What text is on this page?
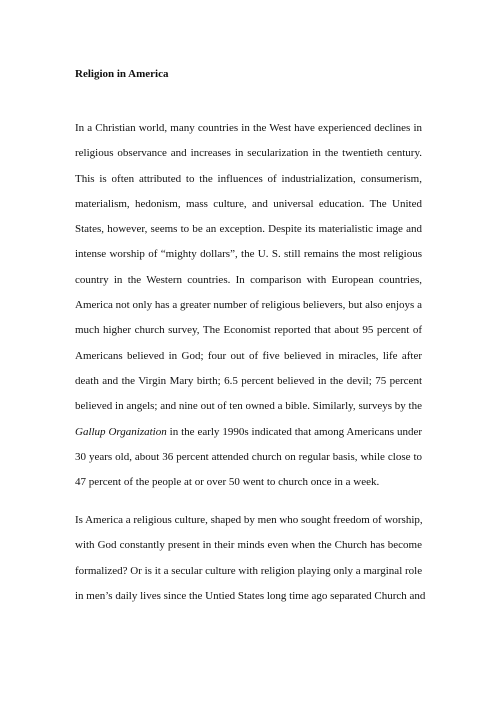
Religion in America
In a Christian world, many countries in the West have experienced declines in
religious observance and increases in secularization in the twentieth century.
This is often attributed to the influences of industrialization, consumerism,
materialism, hedonism, mass culture, and universal education. The United
States, however, seems to be an exception. Despite its materialistic image and
intense worship of “mighty dollars”, the U. S. still remains the most religious
country in the Western countries. In comparison with European countries,
America not only has a greater number of religious believers, but also enjoys a
much higher church survey, The Economist reported that about 95 percent of
Americans believed in God; four out of five believed in miracles, life after
death and the Virgin Mary birth; 6.5 percent believed in the devil; 75 percent
believed in angels; and nine out of ten owned a bible. Similarly, surveys by the
Gallup Organization in the early 1990s indicated that among Americans under
30 years old, about 36 percent attended church on regular basis, while close to
47 percent of the people at or over 50 went to church once in a week.
Is America a religious culture, shaped by men who sought freedom of worship,
with God constantly present in their minds even when the Church has become
formalized? Or is it a secular culture with religion playing only a marginal role
in men’s daily lives since the Untied States long time ago separated Church and
